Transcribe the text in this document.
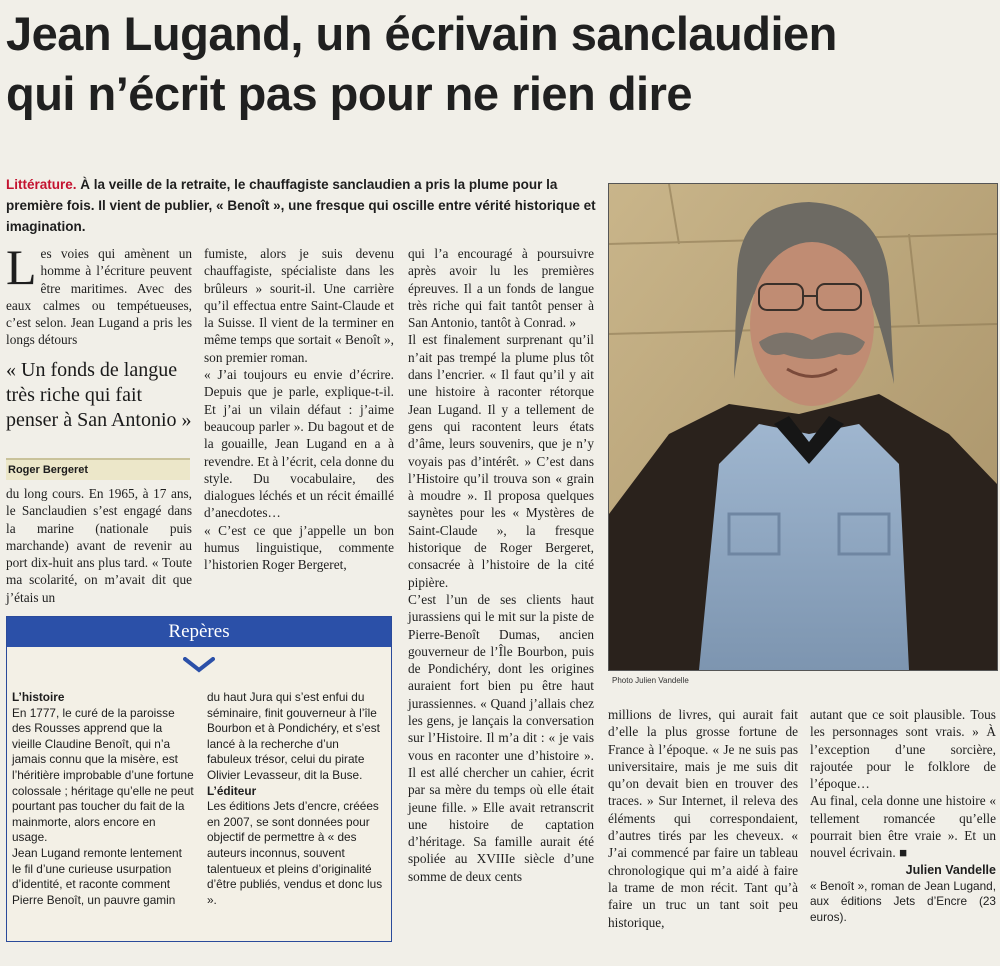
Jean Lugand, un écrivain sanclaudien
qui n’écrit pas pour ne rien dire
Littérature. À la veille de la retraite, le chauffagiste sanclaudien a pris la plume pour la première fois. Il vient de publier, « Benoît », une fresque qui oscille entre vérité historique et imagination.
Les voies qui amènent un homme à l’écriture peuvent être maritimes. Avec des eaux calmes ou tempétueuses, c’est selon. Jean Lugand a pris les longs détours
« Un fonds de langue très riche qui fait penser à San Antonio »
Roger Bergeret
du long cours. En 1965, à 17 ans, le Sanclaudien s’est engagé dans la marine (nationale puis marchande) avant de revenir au port dix-huit ans plus tard. « Toute ma scolarité, on m’avait dit que j’étais un

fumiste, alors je suis devenu chauffagiste, spécialiste dans les brûleurs » sourit-il. Une carrière qu’il effectua entre Saint-Claude et la Suisse. Il vient de la terminer en même temps que sortait « Benoît », son premier roman.

« J’ai toujours eu envie d’écrire. Depuis que je parle, explique-t-il. Et j’ai un vilain défaut : j’aime beaucoup parler ». Du bagout et de la gouaille, Jean Lugand en a à revendre. Et à l’écrit, cela donne du style. Du vocabulaire, des dialogues léchés et un récit émaillé d’anecdotes…

« C’est ce que j’appelle un bon humus linguistique, commente l’historien Roger Bergeret,

qui l’a encouragé à poursuivre après avoir lu les premières épreuves. Il a un fonds de langue très riche qui fait tantôt penser à San Antonio, tantôt à Conrad. »

Il est finalement surprenant qu’il n’ait pas trempé la plume plus tôt dans l’encrier. « Il faut qu’il y ait une histoire à raconter rétorque Jean Lugand. Il y a tellement de gens qui racontent leurs états d’âme, leurs souvenirs, que je n’y voyais pas d’intérêt. » C’est dans l’Histoire qu’il trouva son « grain à moudre ». Il proposa quelques saynètes pour les « Mystères de Saint-Claude », la fresque historique de Roger Bergeret, consacrée à l’histoire de la cité pipière.

C’est l’un de ses clients haut jurassiens qui le mit sur la piste de Pierre-Benoît Dumas, ancien gouverneur de l’Île Bourbon, puis de Pondichéry, dont les origines auraient fort bien pu être haut jurassiennes. « Quand j’allais chez les gens, je lançais la conversation sur l’Histoire. Il m’a dit : « je vais vous en raconter une d’histoire ». Il est allé chercher un cahier, écrit par sa mère du temps où elle était jeune fille. » Elle avait retranscrit une histoire de captation d’héritage. Sa famille aurait été spoliée au XVIIIe siècle d’une somme de deux cents

Photo Julien Vandelle
Repères
L’histoire

En 1777, le curé de la paroisse des Rousses apprend que la vieille Claudine Benoît, qui n’a jamais connu que la misère, est l’héritière improbable d’une fortune colossale ; héritage qu’elle ne peut pourtant pas toucher du fait de la mainmorte, alors encore en usage.

Jean Lugand remonte lentement le fil d’une curieuse usurpation d’identité, et raconte comment Pierre Benoît, un pauvre gamin

du haut Jura qui s’est enfui du séminaire, finit gouverneur à l’île Bourbon et à Pondichéry, et s’est lancé à la recherche d’un fabuleux trésor, celui du pirate Olivier Levasseur, dit la Buse.

L’éditeur

Les éditions Jets d’encre, créées en 2007, se sont données pour objectif de permettre à « des auteurs inconnus, souvent talentueux et pleins d’originalité d’être publiés, vendus et donc lus ».

millions de livres, qui aurait fait d’elle la plus grosse fortune de France à l’époque. « Je ne suis pas universitaire, mais je me suis dit qu’on devait bien en trouver des traces. » Sur Internet, il releva des éléments qui correspondaient, d’autres tirés par les cheveux. « J’ai commencé par faire un tableau chronologique qui m’a aidé à faire la trame de mon récit. Tant qu’à faire un truc un tant soit peu historique,

autant que ce soit plausible. Tous les personnages sont vrais. » À l’exception d’une sorcière, rajoutée pour le folklore de l’époque…

Au final, cela donne une histoire « tellement romancée qu’elle pourrait bien être vraie ». Et un nouvel écrivain. ■

Julien Vandelle
« Benoît », roman de Jean Lugand, aux éditions Jets d’Encre (23 euros).
